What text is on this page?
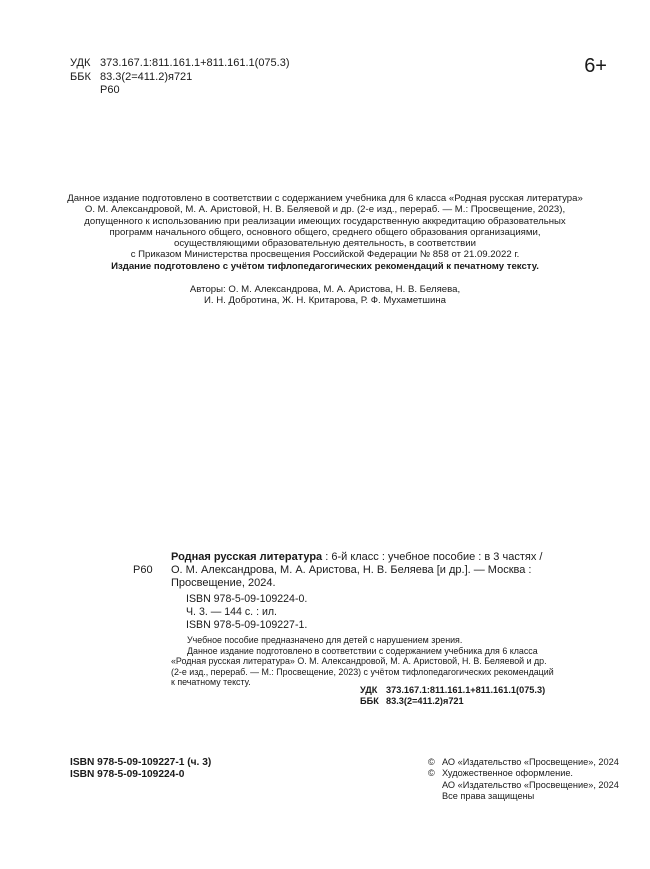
УДК 373.167.1:811.161.1+811.161.1(075.3)
ББК 83.3(2=411.2)я721
Р60
6+
Данное издание подготовлено в соответствии с содержанием учебника для 6 класса «Родная русская литература»
О. М. Александровой, М. А. Аристовой, Н. В. Беляевой и др. (2-е изд., перераб. — М.: Просвещение, 2023),
допущенного к использованию при реализации имеющих государственную аккредитацию образовательных
программ начального общего, основного общего, среднего общего образования организациями,
осуществляющими образовательную деятельность, в соответствии
с Приказом Министерства просвещения Российской Федерации № 858 от 21.09.2022 г.
Издание подготовлено с учётом тифлопедагогических рекомендаций к печатному тексту.
Авторы: О. М. Александрова, М. А. Аристова, Н. В. Беляева,
И. Н. Добротина, Ж. Н. Критарова, Р. Ф. Мухаметшина
Р60
Родная русская литература : 6-й класс : учебное пособие : в 3 частях /
О. М. Александрова, М. А. Аристова, Н. В. Беляева [и др.]. — Москва :
Просвещение, 2024.
ISBN 978-5-09-109224-0.
Ч. 3. — 144 с. : ил.
ISBN 978-5-09-109227-1.

Учебное пособие предназначено для детей с нарушением зрения.

Данное издание подготовлено в соответствии с содержанием учебника для 6 класса «Родная русская литература» О. М. Александровой, М. А. Аристовой, Н. В. Беляевой и др. (2-е изд., перераб. — М.: Просвещение, 2023) с учётом тифлопедагогических рекомендаций к печатному тексту.

УДК 373.167.1:811.161.1+811.161.1(075.3)
ББК 83.3(2=411.2)я721
ISBN 978-5-09-109227-1 (ч. 3)
ISBN 978-5-09-109224-0
© АО «Издательство «Просвещение», 2024
© Художественное оформление.
АО «Издательство «Просвещение», 2024
Все права защищены
